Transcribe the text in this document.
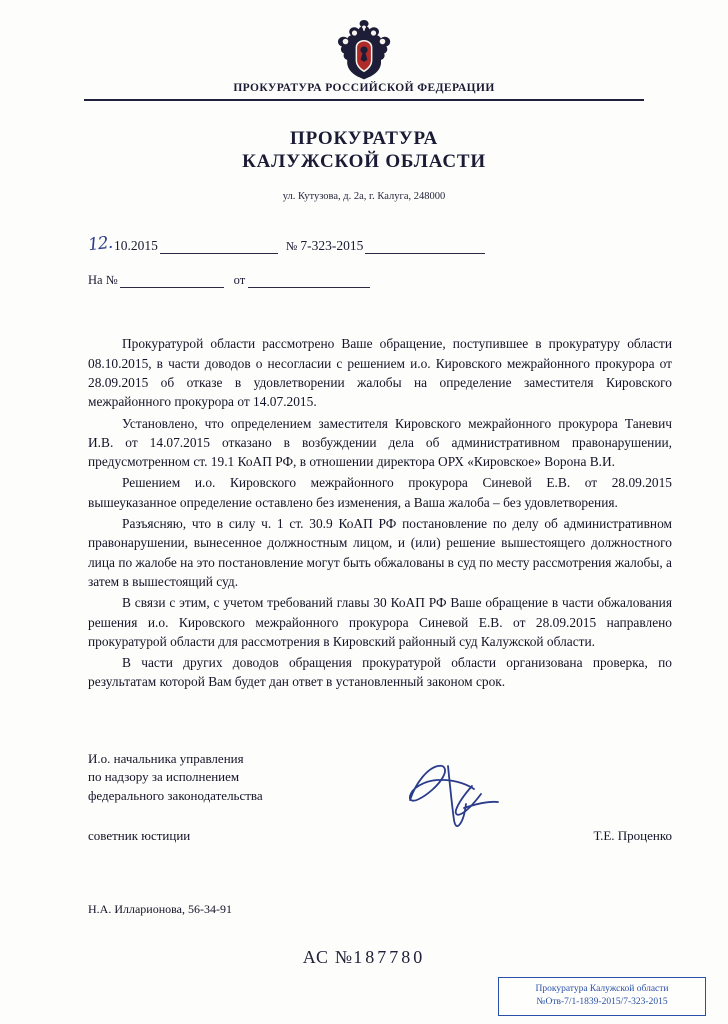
ПРОКУРАТУРА РОССИЙСКОЙ ФЕДЕРАЦИИ
ПРОКУРАТУРА
КАЛУЖСКОЙ ОБЛАСТИ
ул. Кутузова, д. 2а, г. Калуга, 248000
12. 10.2015	№ 7-323-2015
На №	от

Прокуратурой области рассмотрено Ваше обращение, поступившее в прокуратуру области 08.10.2015, в части доводов о несогласии с решением и.о. Кировского межрайонного прокурора от 28.09.2015 об отказе в удовлетворении жалобы на определение заместителя Кировского межрайонного прокурора от 14.07.2015.

Установлено, что определением заместителя Кировского межрайонного прокурора Таневич И.В. от 14.07.2015 отказано в возбуждении дела об административном правонарушении, предусмотренном ст. 19.1 КоАП РФ, в отношении директора ОРХ «Кировское» Ворона В.И.

Решением и.о. Кировского межрайонного прокурора Синевой Е.В. от 28.09.2015 вышеуказанное определение оставлено без изменения, а Ваша жалоба – без удовлетворения.

Разъясняю, что в силу ч. 1 ст. 30.9 КоАП РФ постановление по делу об административном правонарушении, вынесенное должностным лицом, и (или) решение вышестоящего должностного лица по жалобе на это постановление могут быть обжалованы в суд по месту рассмотрения жалобы, а затем в вышестоящий суд.

В связи с этим, с учетом требований главы 30 КоАП РФ Ваше обращение в части обжалования решения и.о. Кировского межрайонного прокурора Синевой Е.В. от 28.09.2015 направлено прокуратурой области для рассмотрения в Кировский районный суд Калужской области.

В части других доводов обращения прокуратурой области организована проверка, по результатам которой Вам будет дан ответ в установленный законом срок.

И.о. начальника управления
по надзору за исполнением
федерального законодательства
советник юстиции	Т.Е. Проценко
Н.А. Илларионова, 56-34-91
АС №187780
Прокуратура Калужской области
№Отв-7/1-1839-2015/7-323-2015
